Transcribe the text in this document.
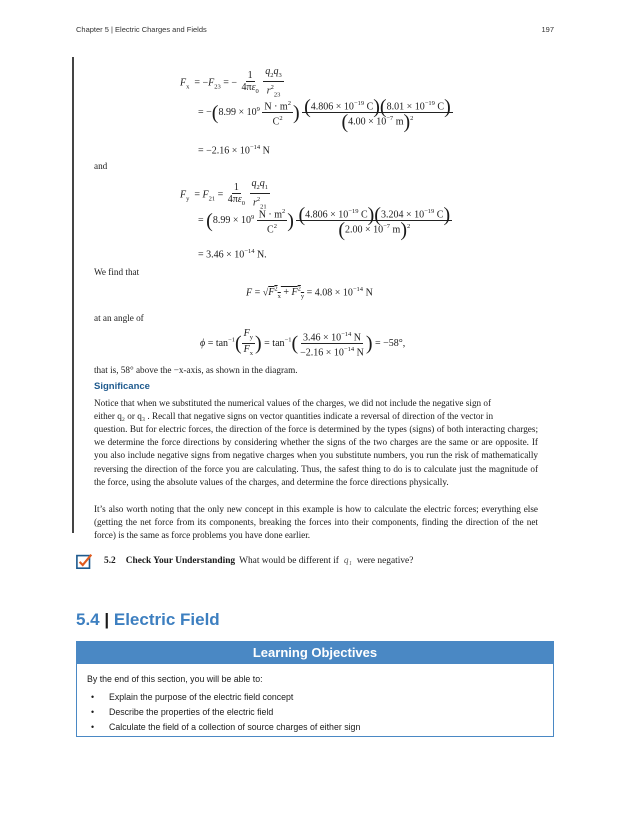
Chapter 5 | Electric Charges and Fields	197
$F_x = -F_{23}$ = − $\frac{1}{4\pi\varepsilon_0}$
$\frac{q_2q_3}{r^2_{23}}$
= $-(8.99 \times 10^9 \frac{N \cdot m^2}{C^2}$ ) $\frac{(4.806 \times 10^{-19} C)(8.01 \times 10^{-19} C)}{(4.00 \times 10^{-7} m)^2}$
= $-2.16 \times 10^{-14}$ N
and
$F_y = F_{21} = \frac{1}{4\pi\varepsilon_0}$
$\frac{q_2q_1}{r^2_{21}}$
= ($8.99 \times 10^9 \frac{N \cdot m^2}{C^2}$ ) $\frac{(4.806 \times 10^{-19} C)(3.204 \times 10^{-19} C)}{(2.00 \times 10^{-7} m)^2}$
= $3.46 \times 10^{-14}$ N.
We find that
$F = √F^2_x + F^2_y = 4.08 \times 10^{-14}$ N
at an angle of
$\phi = \tan^{-1}( \frac{F_y}{F_x}$ ) = $\tan^{-1}( \frac{3.46 \times 10^{-14} N}{-2.16 \times 10^{-14} N}$ ) = −58°,
that is, 58° above the −x-axis, as shown in the diagram.
Significance

Notice that when we substituted the numerical values of the charges, we did not include the negative sign of

either q₂ or q₃ . Recall that negative signs on vector quantities indicate a reversal of direction of the vector in

question. But for electric forces, the direction of the force is determined by the types (signs) of both interacting charges; we determine the force directions by considering whether the signs of the two charges are the same or are opposite. If you also include negative signs from negative charges when you substitute numbers, you run the risk of mathematically reversing the direction of the force you are calculating. Thus, the safest thing to do is to calculate just the magnitude of the force, using the absolute values of the charges, and determine the force directions physically.

It’s also worth noting that the only new concept in this example is how to calculate the electric forces; everything else (getting the net force from its components, breaking the forces into their components, finding the direction of the net force) is the same as force problems you have done earlier.

5.2 Check Your Understanding What would be different if q₁ were negative?
5.4 | Electric Field
Learning Objectives
By the end of this section, you will be able to:
• Explain the purpose of the electric field concept
• Describe the properties of the electric field
• Calculate the field of a collection of source charges of either sign
